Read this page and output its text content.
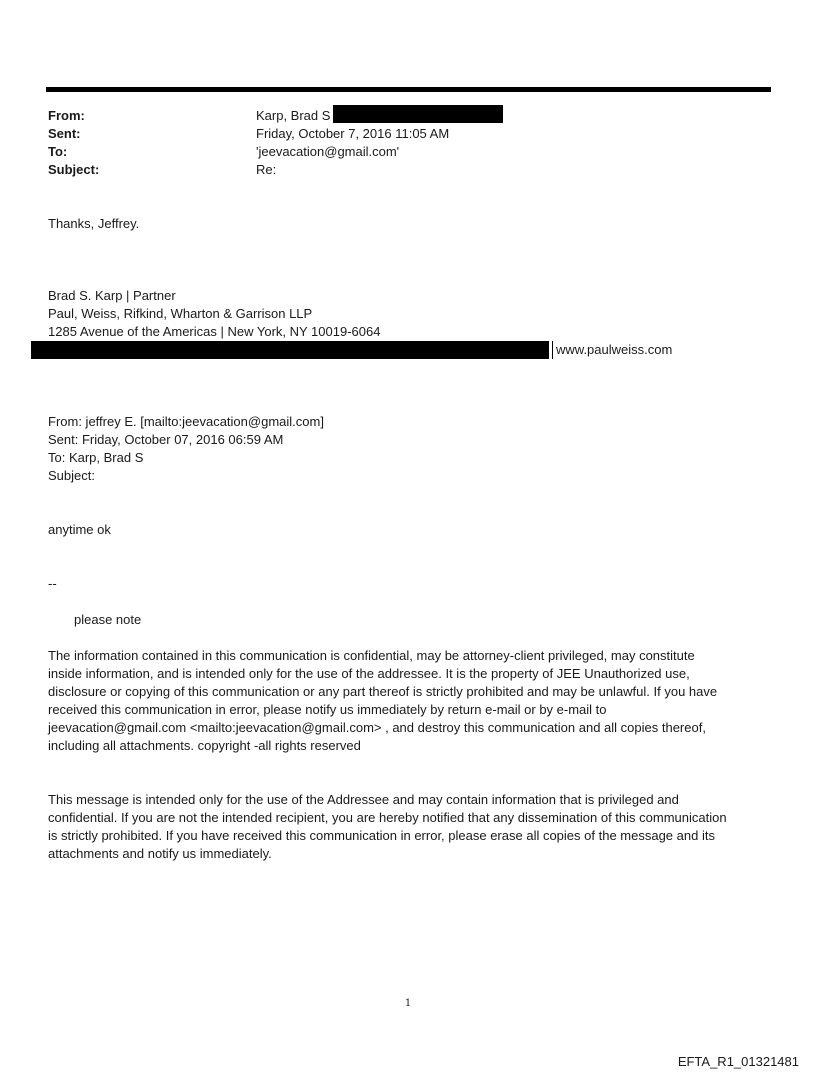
From:	Karp, Brad S
Sent:	Friday, October 7, 2016 11:05 AM
To:	'jeevacation@gmail.com'
Subject:	Re:
Thanks, Jeffrey.
Brad S. Karp | Partner
Paul, Weiss, Rifkind, Wharton & Garrison LLP
1285 Avenue of the Americas | New York, NY 10019-6064
www.paulweiss.com
From: jeffrey E. [mailto:jeevacation@gmail.com]
Sent: Friday, October 07, 2016 06:59 AM
To: Karp, Brad S
Subject:
anytime ok
--
please note
The information contained in this communication is confidential, may be attorney-client privileged, may constitute
inside information, and is intended only for the use of the addressee. It is the property of JEE Unauthorized use,
disclosure or copying of this communication or any part thereof is strictly prohibited and may be unlawful. If you have
received this communication in error, please notify us immediately by return e-mail or by e-mail to
jeevacation@gmail.com <mailto:jeevacation@gmail.com> , and destroy this communication and all copies thereof,
including all attachments. copyright -all rights reserved
This message is intended only for the use of the Addressee and may contain information that is privileged and
confidential. If you are not the intended recipient, you are hereby notified that any dissemination of this communication
is strictly prohibited. If you have received this communication in error, please erase all copies of the message and its
attachments and notify us immediately.
1
EFTA_R1_01321481
